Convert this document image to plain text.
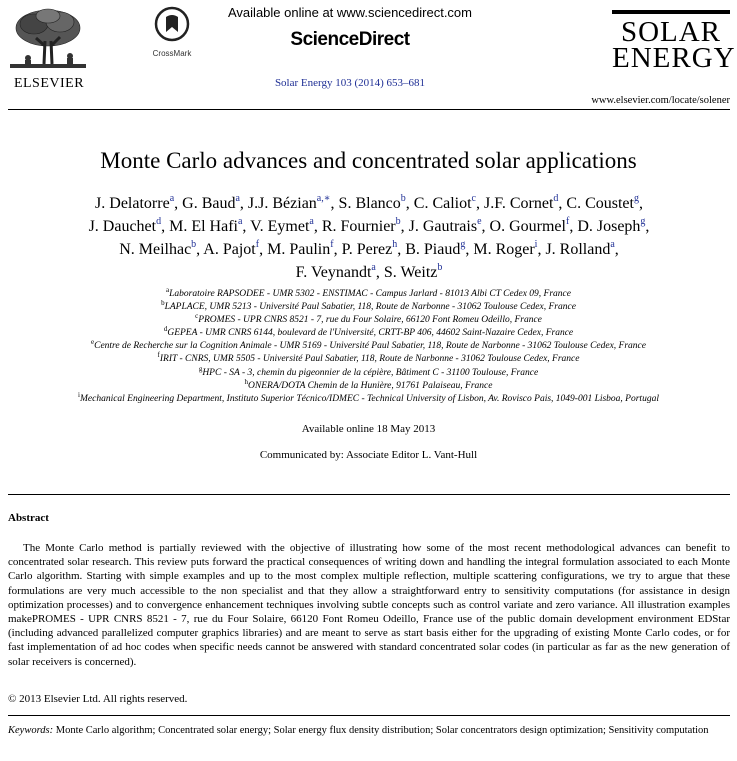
ELSEVIER
CrossMark
Available online at www.sciencedirect.com
ScienceDirect
Solar Energy 103 (2014) 653–681
SOLAR
ENERGY
www.elsevier.com/locate/solener
Monte Carlo advances and concentrated solar applications
J. Delatorre$^a$, G. Baud$^a$, J.J. Bézian$^{a,∗}$, S. Blanco$^b$, C. Caliot$^c$, J.F. Cornet$^d$, C. Coustet$^g$,
J. Dauchet$^d$, M. El Hafi$^a$, V. Eymet$^a$, R. Fournier$^b$, J. Gautrais$^e$, O. Gourmel$^f$, D. Joseph$^g$,
N. Meilhac$^b$, A. Pajot$^f$, M. Paulin$^f$, P. Perez$^h$, B. Piaud$^g$, M. Roger$^i$, J. Rolland$^a$,
F. Veynandt$^a$, S. Weitz$^b$
$^a$Laboratoire RAPSODEE - UMR 5302 - ENSTIMAC - Campus Jarlard - 81013 Albi CT Cedex 09, France
$^b$LAPLACE, UMR 5213 - Université Paul Sabatier, 118, Route de Narbonne - 31062 Toulouse Cedex, France
$^c$PROMES - UPR CNRS 8521 - 7, rue du Four Solaire, 66120 Font Romeu Odeillo, France
$^d$GEPEA - UMR CNRS 6144, boulevard de l'Université, CRTT-BP 406, 44602 Saint-Nazaire Cedex, France
$^e$Centre de Recherche sur la Cognition Animale - UMR 5169 - Université Paul Sabatier, 118, Route de Narbonne - 31062 Toulouse Cedex, France
$^f$IRIT - CNRS, UMR 5505 - Université Paul Sabatier, 118, Route de Narbonne - 31062 Toulouse Cedex, France
$^g$HPC - SA - 3, chemin du pigeonnier de la cépière, Bâtiment C - 31100 Toulouse, France
$^h$ONERA/DOTA Chemin de la Hunière, 91761 Palaiseau, France
$^i$Mechanical Engineering Department, Instituto Superior Técnico/IDMEC - Technical University of Lisbon, Av. Rovisco Pais, 1049-001 Lisboa, Portugal
Available online 18 May 2013
Communicated by: Associate Editor L. Vant-Hull
Abstract
The Monte Carlo method is partially reviewed with the objective of illustrating how some of the most recent methodological advances can benefit to concentrated solar research. This review puts forward the practical consequences of writing down and handling the integral formulation associated to each Monte Carlo algorithm. Starting with simple examples and up to the most complex multiple reflection, multiple scattering configurations, we try to argue that these formulations are very much accessible to the non specialist and that they allow a straightforward entry to sensitivity computations (for assistance in design optimization processes) and to convergence enhancement techniques involving subtle concepts such as control variate and zero variance. All illustration examples makePROMES - UPR CNRS 8521 - 7, rue du Four Solaire, 66120 Font Romeu Odeillo, France use of the public domain development environment EDStar (including advanced parallelized computer graphics libraries) and are meant to serve as start basis either for the upgrading of existing Monte Carlo codes, or for fast implementation of ad hoc codes when specific needs cannot be answered with standard concentrated solar codes (in particular as far as the new generation of solar receivers is concerned).
© 2013 Elsevier Ltd. All rights reserved.
Keywords: Monte Carlo algorithm; Concentrated solar energy; Solar energy flux density distribution; Solar concentrators design optimization; Sensitivity computation
